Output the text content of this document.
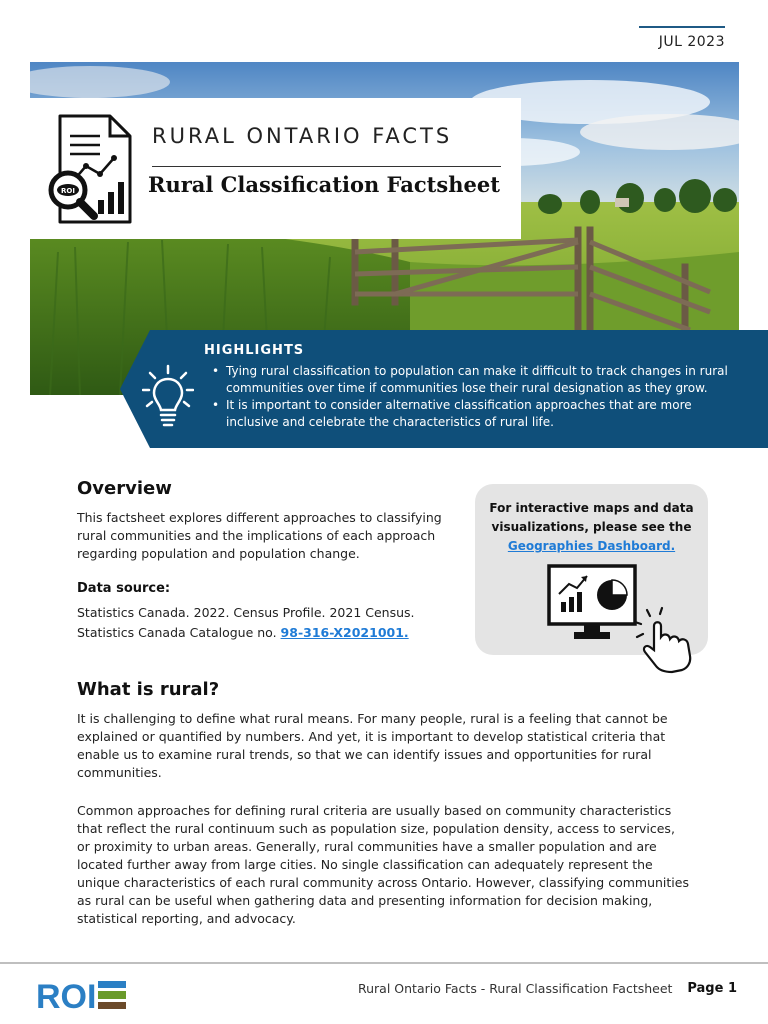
JUL 2023
ROI
RURAL ONTARIO FACTS
Rural Classification Factsheet
HIGHLIGHTS
• Tying rural classification to population can make it difficult to track changes in rural communities over time if communities lose their rural designation as they grow.
• It is important to consider alternative classification approaches that are more inclusive and celebrate the characteristics of rural life.
Overview

This factsheet explores different approaches to classifying rural communities and the implications of each approach regarding population and population change.

Data source:
Statistics Canada. 2022. Census Profile. 2021 Census.
Statistics Canada Catalogue no. 98-316-X2021001.
For interactive maps and data visualizations, please see the
Geographies Dashboard.
What is rural?

It is challenging to define what rural means. For many people, rural is a feeling that cannot be explained or quantified by numbers. And yet, it is important to develop statistical criteria that enable us to examine rural trends, so that we can identify issues and opportunities for rural communities.

Common approaches for defining rural criteria are usually based on community characteristics that reflect the rural continuum such as population size, population density, access to services, or proximity to urban areas. Generally, rural communities have a smaller population and are located further away from large cities. No single classification can adequately represent the unique characteristics of each rural community across Ontario. However, classifying communities as rural can be useful when gathering data and presenting information for decision making, statistical reporting, and advocacy.

ROI	Rural Ontario Facts - Rural Classification Factsheet Page 1
